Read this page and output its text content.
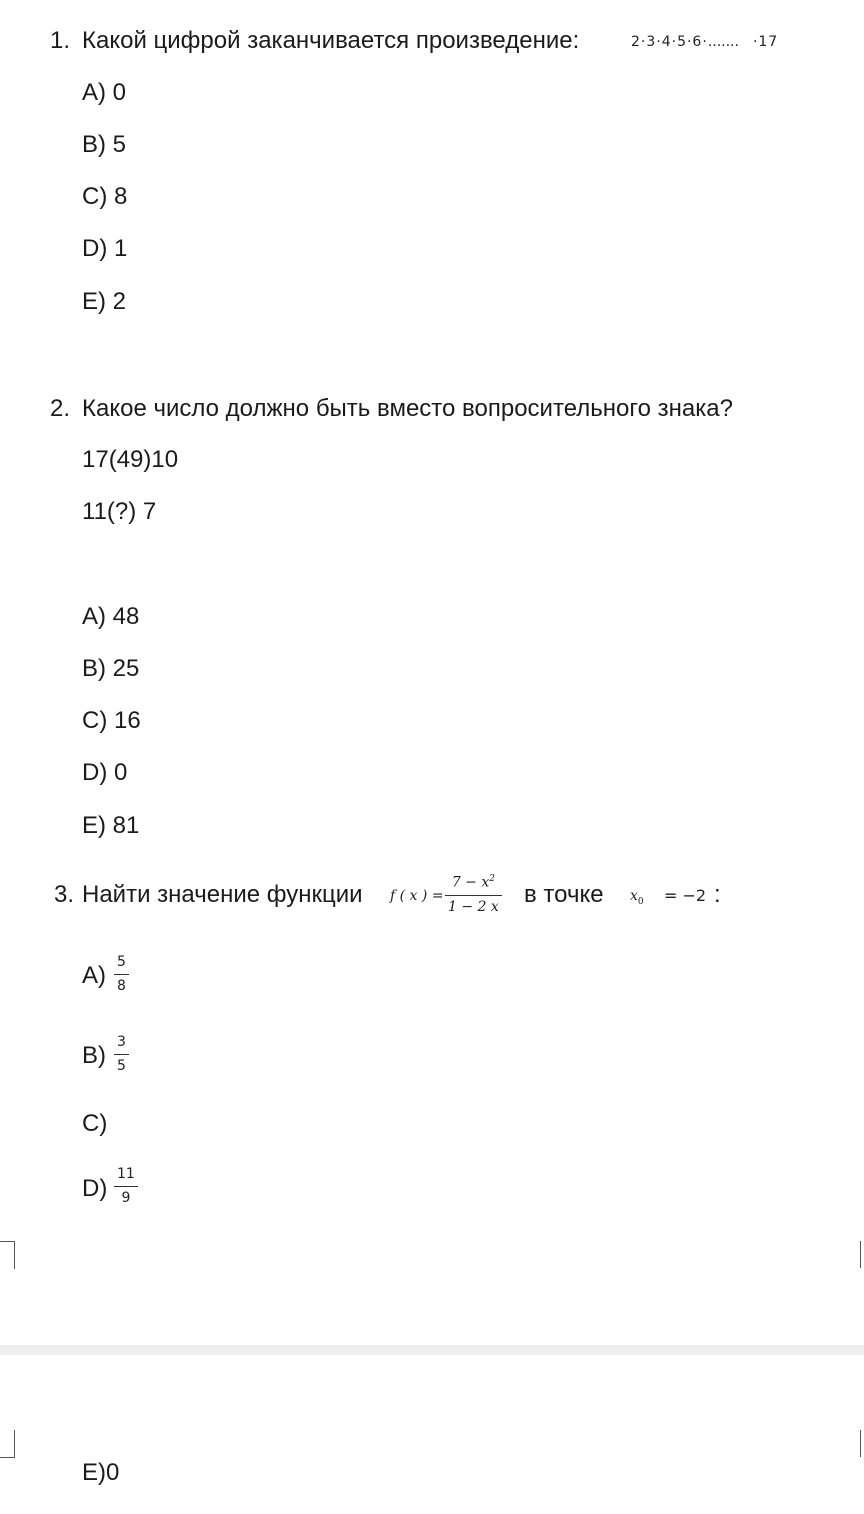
1. Какой цифрой заканчивается произведение:	2·3·4·5·6·....... ·17
A) 0
B) 5
C) 8
D) 1
E) 2
2. Какое число должно быть вместо вопросительного знака?
17(49)10
11(?) 7
A) 48
B) 25
C) 16
D) 0
E) 81
3. Найти значение функции f ( x ) =
$7 - x^2$
1 − 2 x в точке $x_0 = -2$ :
A) 5
8
B) 3
5
C)
D)
11
9
E)0
